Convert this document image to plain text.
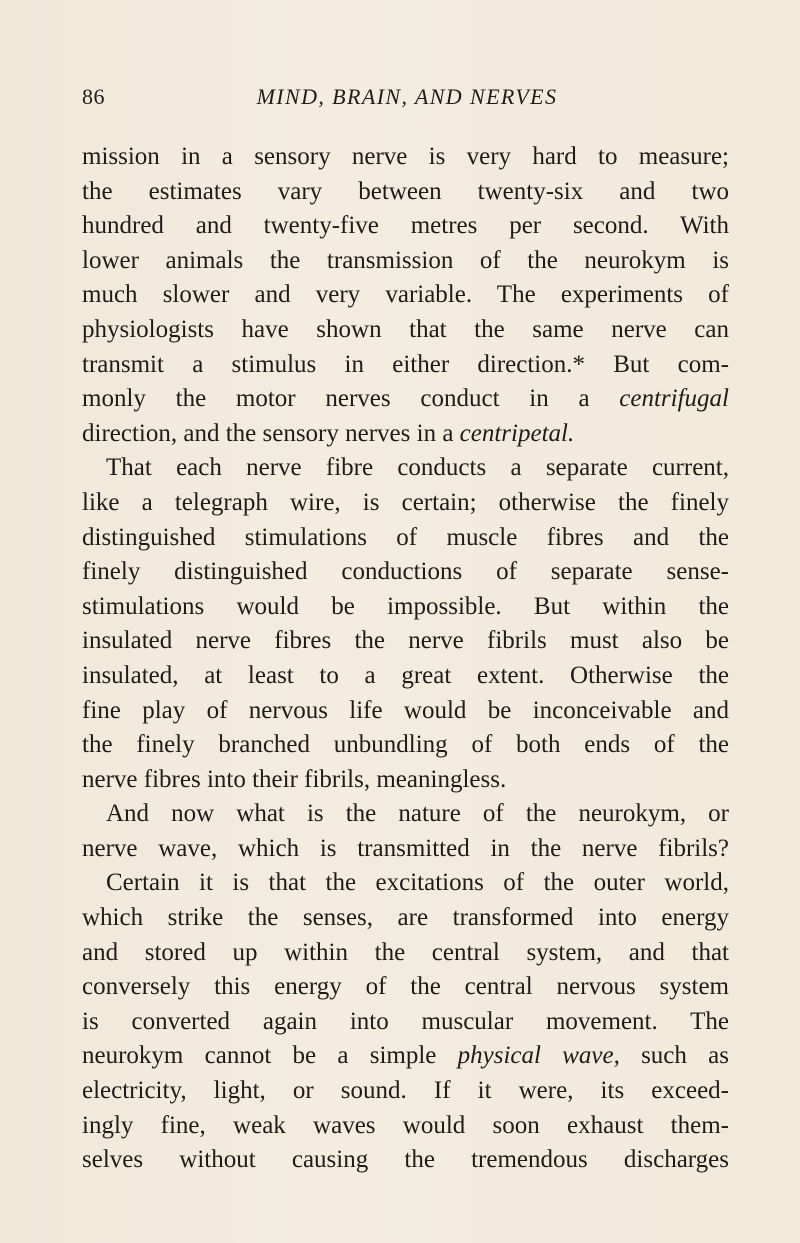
86	MIND, BRAIN, AND NERVES
mission in a sensory nerve is very hard to measure;
the estimates vary between twenty-six and two
hundred and twenty-five metres per second. With
lower animals the transmission of the neurokym is
much slower and very variable. The experiments of
physiologists have shown that the same nerve can
transmit a stimulus in either direction.* But com-
monly the motor nerves conduct in a centrifugal
direction, and the sensory nerves in a centripetal.
That each nerve fibre conducts a separate current,
like a telegraph wire, is certain; otherwise the finely
distinguished stimulations of muscle fibres and the
finely distinguished conductions of separate sense-
stimulations would be impossible. But within the
insulated nerve fibres the nerve fibrils must also be
insulated, at least to a great extent. Otherwise the
fine play of nervous life would be inconceivable and
the finely branched unbundling of both ends of the
nerve fibres into their fibrils, meaningless.
And now what is the nature of the neurokym, or
nerve wave, which is transmitted in the nerve fibrils?
Certain it is that the excitations of the outer world,
which strike the senses, are transformed into energy
and stored up within the central system, and that
conversely this energy of the central nervous system
is converted again into muscular movement. The
neurokym cannot be a simple physical wave, such as
electricity, light, or sound. If it were, its exceed-
ingly fine, weak waves would soon exhaust them-
selves without causing the tremendous discharges
